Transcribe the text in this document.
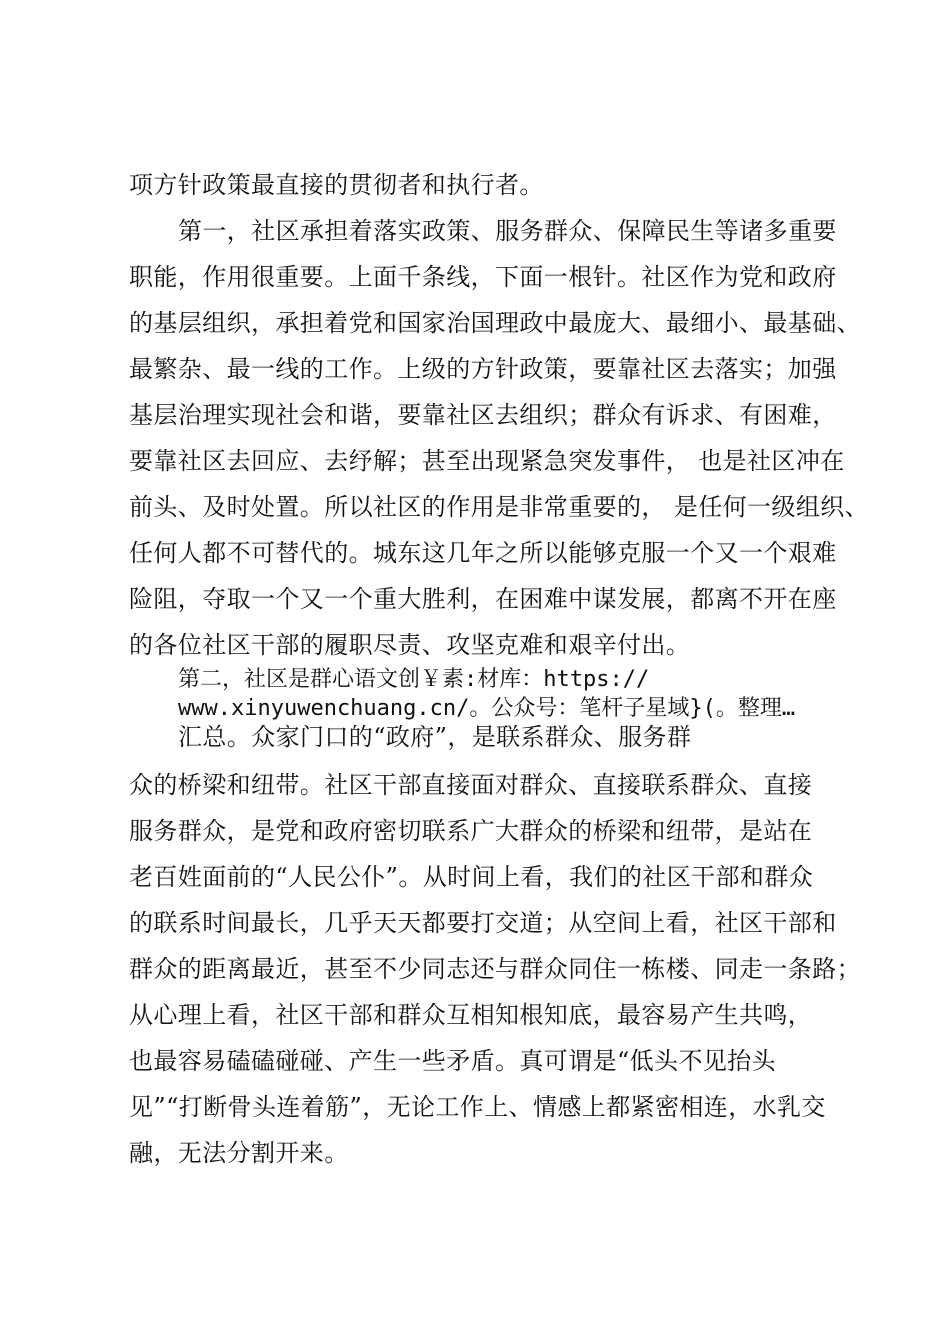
项方针政策最直接的贯彻者和执行者。
第一，社区承担着落实政策、服务群众、保障民生等诸多重要
职能，作用很重要。上面千条线，下面一根针。社区作为党和政府
的基层组织，承担着党和国家治国理政中最庞大、最细小、最基础、
最繁杂、最一线的工作。上级的方针政策，要靠社区去落实；加强
基层治理实现社会和谐，要靠社区去组织；群众有诉求、有困难，
要靠社区去回应、去纾解；甚至出现紧急突发事件， 也是社区冲在
前头、及时处置。所以社区的作用是非常重要的， 是任何一级组织、
任何人都不可替代的。城东这几年之所以能够克服一个又一个艰难
险阻，夺取一个又一个重大胜利，在困难中谋发展，都离不开在座
的各位社区干部的履职尽责、攻坚克难和艰辛付出。
第二，社区是群心语文创￥素:材库：https://
www.xinyuwenchuang.cn/。公众号：笔杆子星域}(。整理…
汇总。众家门口的“政府”，是联系群众、服务群
众的桥梁和纽带。社区干部直接面对群众、直接联系群众、直接
服务群众，是党和政府密切联系广大群众的桥梁和纽带，是站在
老百姓面前的“人民公仆”。从时间上看，我们的社区干部和群众
的联系时间最长，几乎天天都要打交道；从空间上看，社区干部和
群众的距离最近，甚至不少同志还与群众同住一栋楼、同走一条路；
从心理上看，社区干部和群众互相知根知底，最容易产生共鸣，
也最容易磕磕碰碰、产生一些矛盾。真可谓是“低头不见抬头
见”“打断骨头连着筋”，无论工作上、情感上都紧密相连，水乳交
融，无法分割开来。
